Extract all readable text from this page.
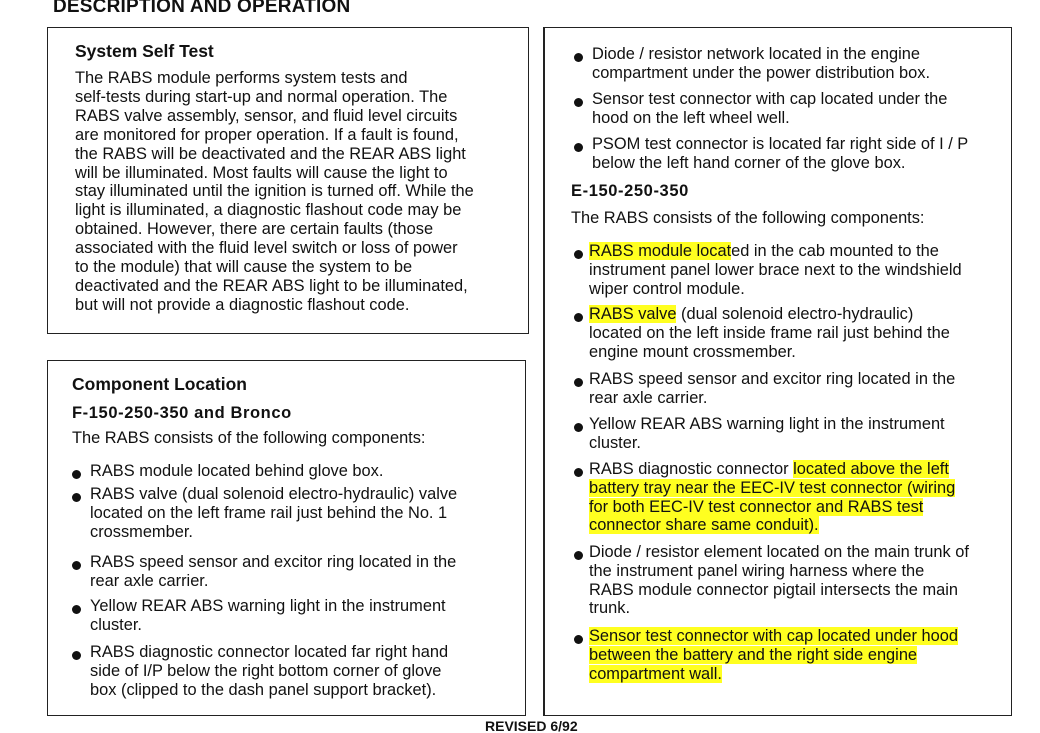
DESCRIPTION AND OPERATION
System Self Test
The RABS module performs system tests and
self-tests during start-up and normal operation. The
RABS valve assembly, sensor, and fluid level circuits
are monitored for proper operation. If a fault is found,
the RABS will be deactivated and the REAR ABS light
will be illuminated. Most faults will cause the light to
stay illuminated until the ignition is turned off. While the
light is illuminated, a diagnostic flashout code may be
obtained. However, there are certain faults (those
associated with the fluid level switch or loss of power
to the module) that will cause the system to be
deactivated and the REAR ABS light to be illuminated,
but will not provide a diagnostic flashout code.
Component Location
F-150-250-350 and Bronco
The RABS consists of the following components:
RABS module located behind glove box.
RABS valve (dual solenoid electro-hydraulic) valve
located on the left frame rail just behind the No. 1
crossmember.
RABS speed sensor and excitor ring located in the
rear axle carrier.
Yellow REAR ABS warning light in the instrument
cluster.
RABS diagnostic connector located far right hand
side of I/P below the right bottom corner of glove
box (clipped to the dash panel support bracket).
Diode / resistor network located in the engine
compartment under the power distribution box.
Sensor test connector with cap located under the
hood on the left wheel well.
PSOM test connector is located far right side of I / P
below the left hand corner of the glove box.
E-150-250-350
The RABS consists of the following components:
RABS module located in the cab mounted to the
instrument panel lower brace next to the windshield
wiper control module.
RABS valve (dual solenoid electro-hydraulic)
located on the left inside frame rail just behind the
engine mount crossmember.
RABS speed sensor and excitor ring located in the
rear axle carrier.
Yellow REAR ABS warning light in the instrument
cluster.
RABS diagnostic connector located above the left
battery tray near the EEC-IV test connector (wiring
for both EEC-IV test connector and RABS test
connector share same conduit).
Diode / resistor element located on the main trunk of
the instrument panel wiring harness where the
RABS module connector pigtail intersects the main
trunk.
Sensor test connector with cap located under hood
between the battery and the right side engine
compartment wall.
REVISED 6/92
